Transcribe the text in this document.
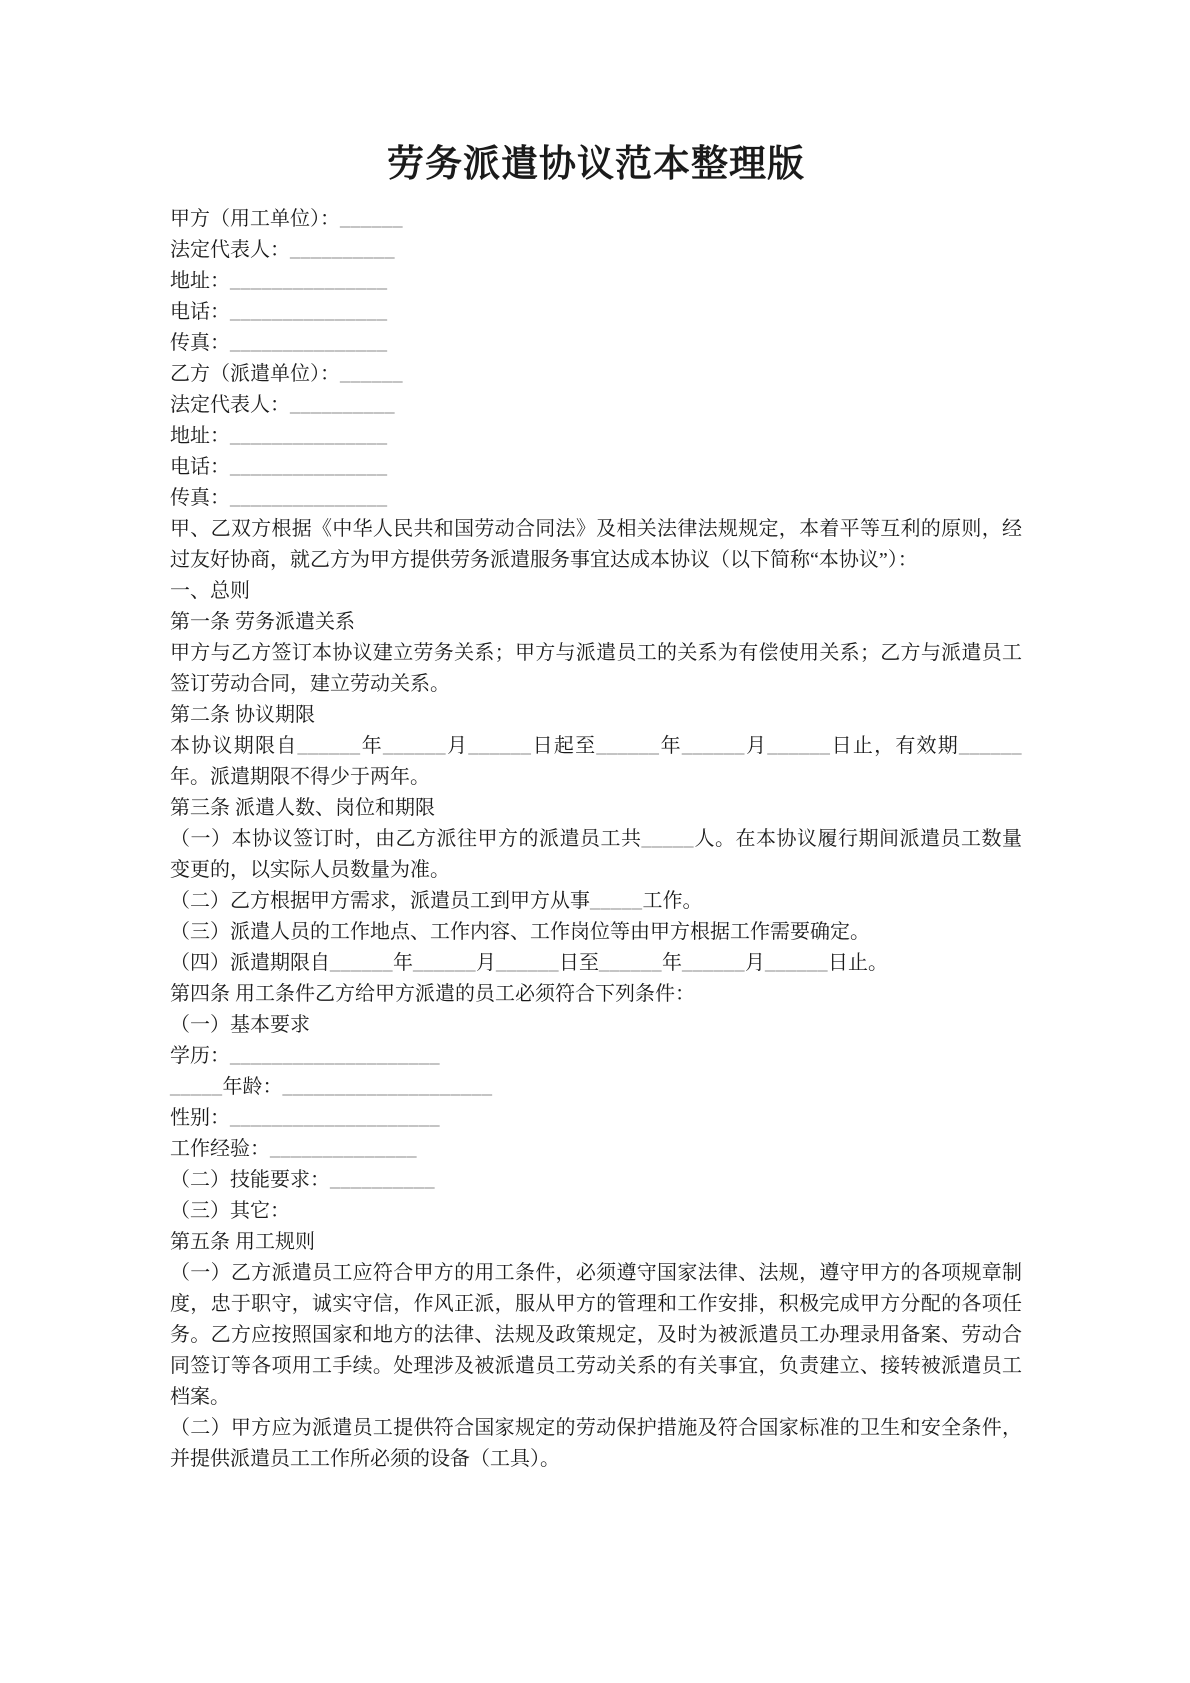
劳务派遣协议范本整理版

甲方（用工单位）：______

法定代表人：__________

地址：_______________

电话：_______________

传真：_______________

乙方（派遣单位）：______

法定代表人：__________

地址：_______________

电话：_______________

传真：_______________

甲、乙双方根据《中华人民共和国劳动合同法》及相关法律法规规定，本着平等互利的原则，经过友好协商，就乙方为甲方提供劳务派遣服务事宜达成本协议（以下简称“本协议”）：

一、总则

第一条 劳务派遣关系

甲方与乙方签订本协议建立劳务关系；甲方与派遣员工的关系为有偿使用关系；乙方与派遣员工签订劳动合同，建立劳动关系。

第二条 协议期限

本协议期限自______年______月______日起至______年______月______日止，有效期______年。派遣期限不得少于两年。

第三条 派遣人数、岗位和期限

（一）本协议签订时，由乙方派往甲方的派遣员工共_____人。在本协议履行期间派遣员工数量变更的，以实际人员数量为准。

（二）乙方根据甲方需求，派遣员工到甲方从事_____工作。

（三）派遣人员的工作地点、工作内容、工作岗位等由甲方根据工作需要确定。

（四）派遣期限自______年______月______日至______年______月______日止。

第四条 用工条件乙方给甲方派遣的员工必须符合下列条件：

（一）基本要求

学历：____________________

_____年龄：____________________

性别：____________________

工作经验：______________

（二）技能要求：__________

（三）其它：

第五条 用工规则

（一）乙方派遣员工应符合甲方的用工条件，必须遵守国家法律、法规，遵守甲方的各项规章制度，忠于职守，诚实守信，作风正派，服从甲方的管理和工作安排，积极完成甲方分配的各项任务。乙方应按照国家和地方的法律、法规及政策规定，及时为被派遣员工办理录用备案、劳动合同签订等各项用工手续。处理涉及被派遣员工劳动关系的有关事宜，负责建立、接转被派遣员工档案。

（二）甲方应为派遣员工提供符合国家规定的劳动保护措施及符合国家标准的卫生和安全条件，并提供派遣员工工作所必须的设备（工具）。
